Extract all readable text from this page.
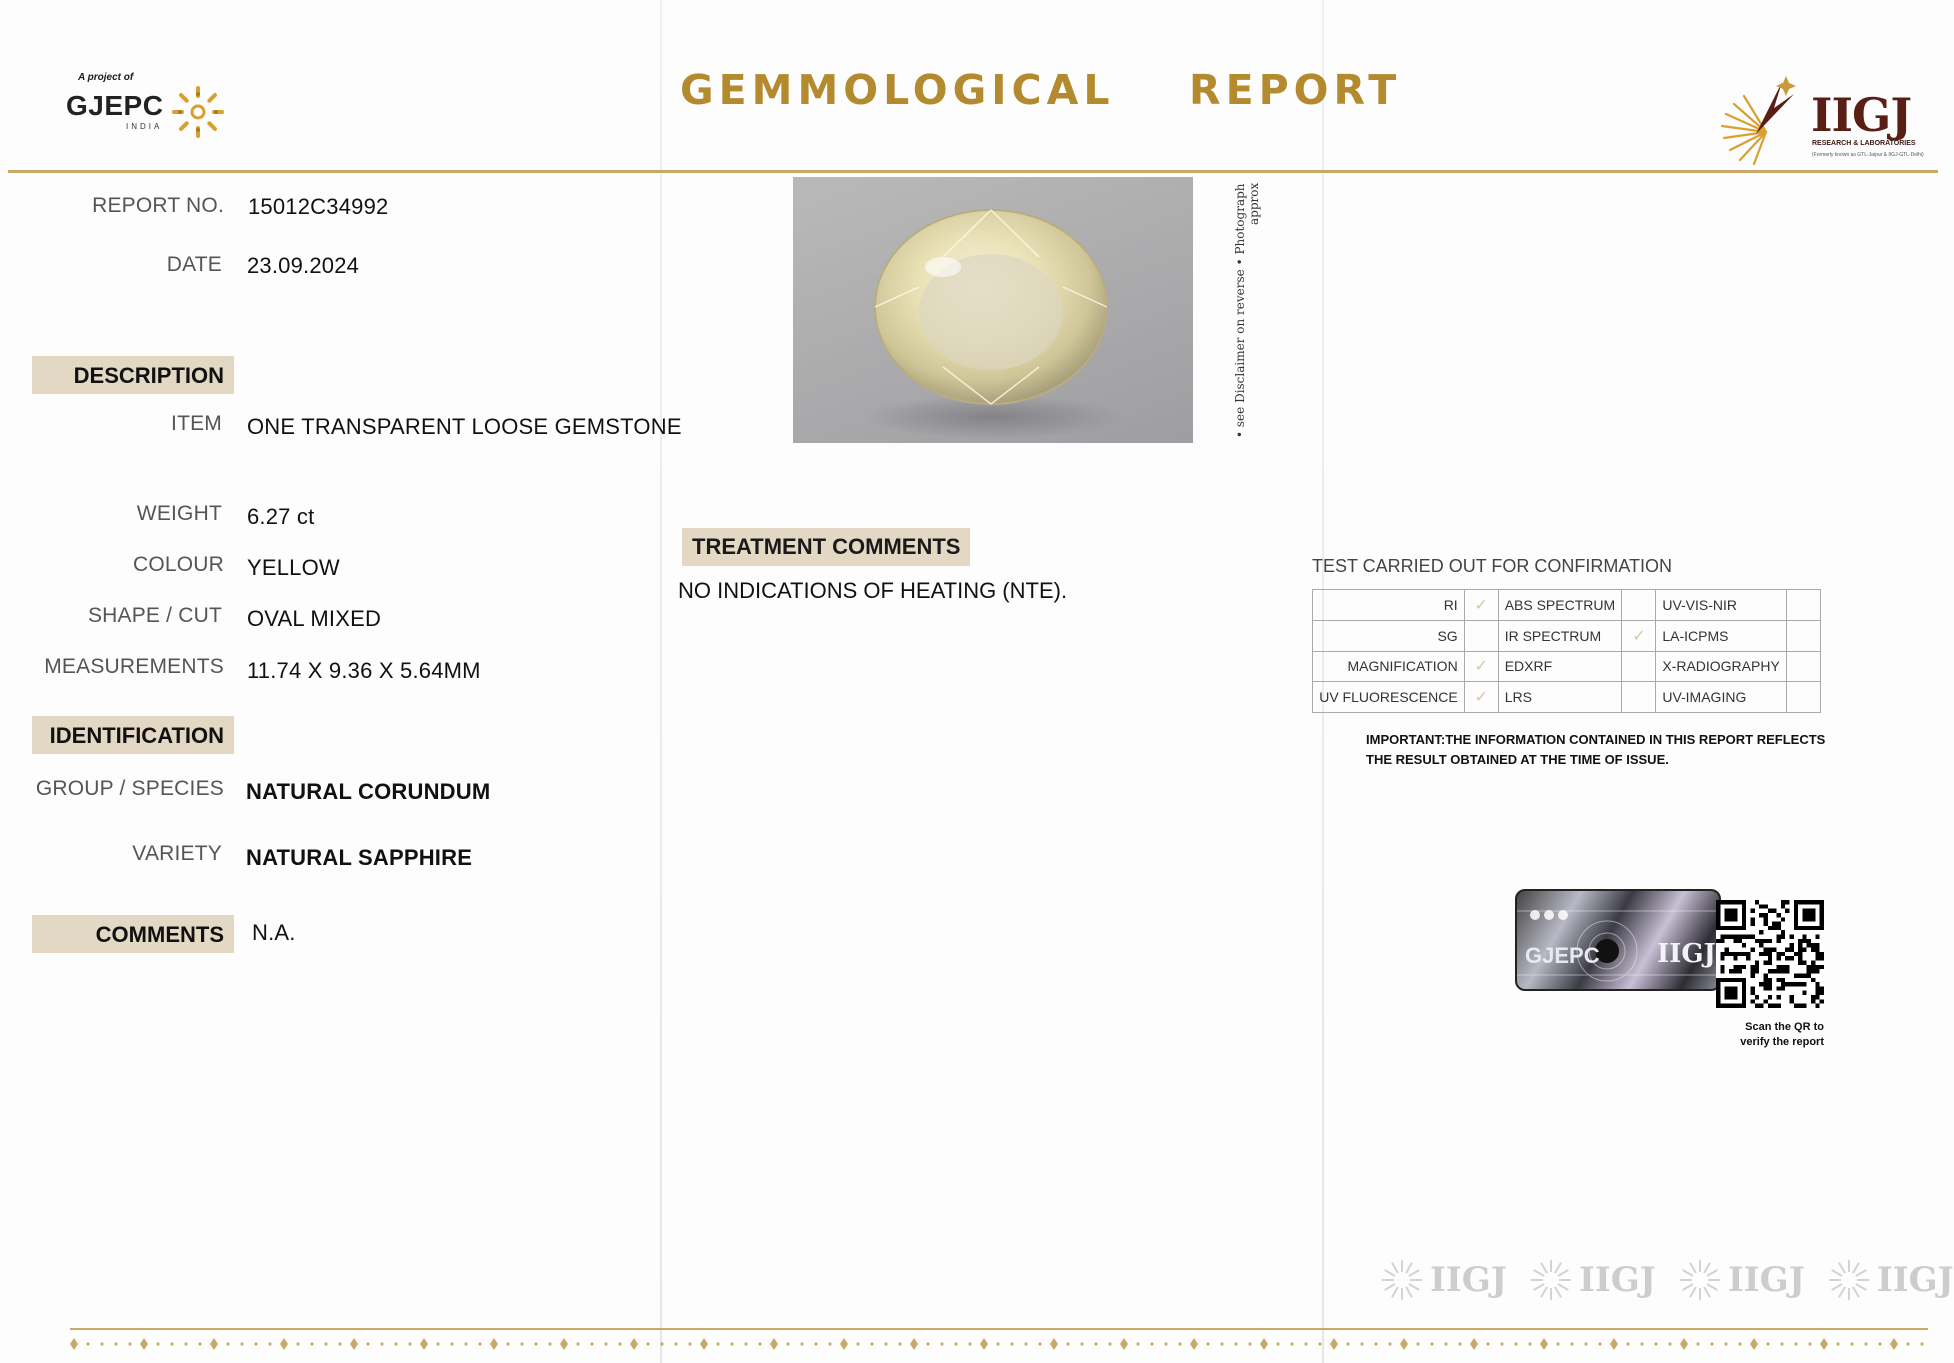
A project of
GJEPC
INDIA
GEMMOLOGICAL  REPORT	IIGJ
RESEARCH & LABORATORIES
(Formerly known as GTL-Jaipur & IIGJ-GTL-Delhi)
REPORT NO. 15012C34992
DATE 23.09.2024
DESCRIPTION
ITEM ONE TRANSPARENT LOOSE GEMSTONE
WEIGHT 6.27 ct
COLOUR YELLOW
SHAPE / CUT OVAL MIXED
MEASUREMENTS 11.74 X 9.36 X 5.64MM
IDENTIFICATION
GROUP / SPECIES NATURAL CORUNDUM
VARIETY NATURAL SAPPHIRE
COMMENTS	N.A.
• see Disclaimer on reverse • Photograph approx
TREATMENT COMMENTS
NO INDICATIONS OF HEATING (NTE).
TEST CARRIED OUT FOR CONFIRMATION
RI	✓	ABS SPECTRUM		UV-VIS-NIR	
SG		IR SPECTRUM	✓	LA-ICPMS	
MAGNIFICATION	✓	EDXRF		X-RADIOGRAPHY	
UV FLUORESCENCE	✓	LRS		UV-IMAGING	
IMPORTANT:THE INFORMATION CONTAINED IN THIS REPORT REFLECTS THE RESULT OBTAINED AT THE TIME OF ISSUE.
GJEPC IIGJ
Scan the QR to
verify the report
IIGJ IIGJ IIGJ IIGJ
